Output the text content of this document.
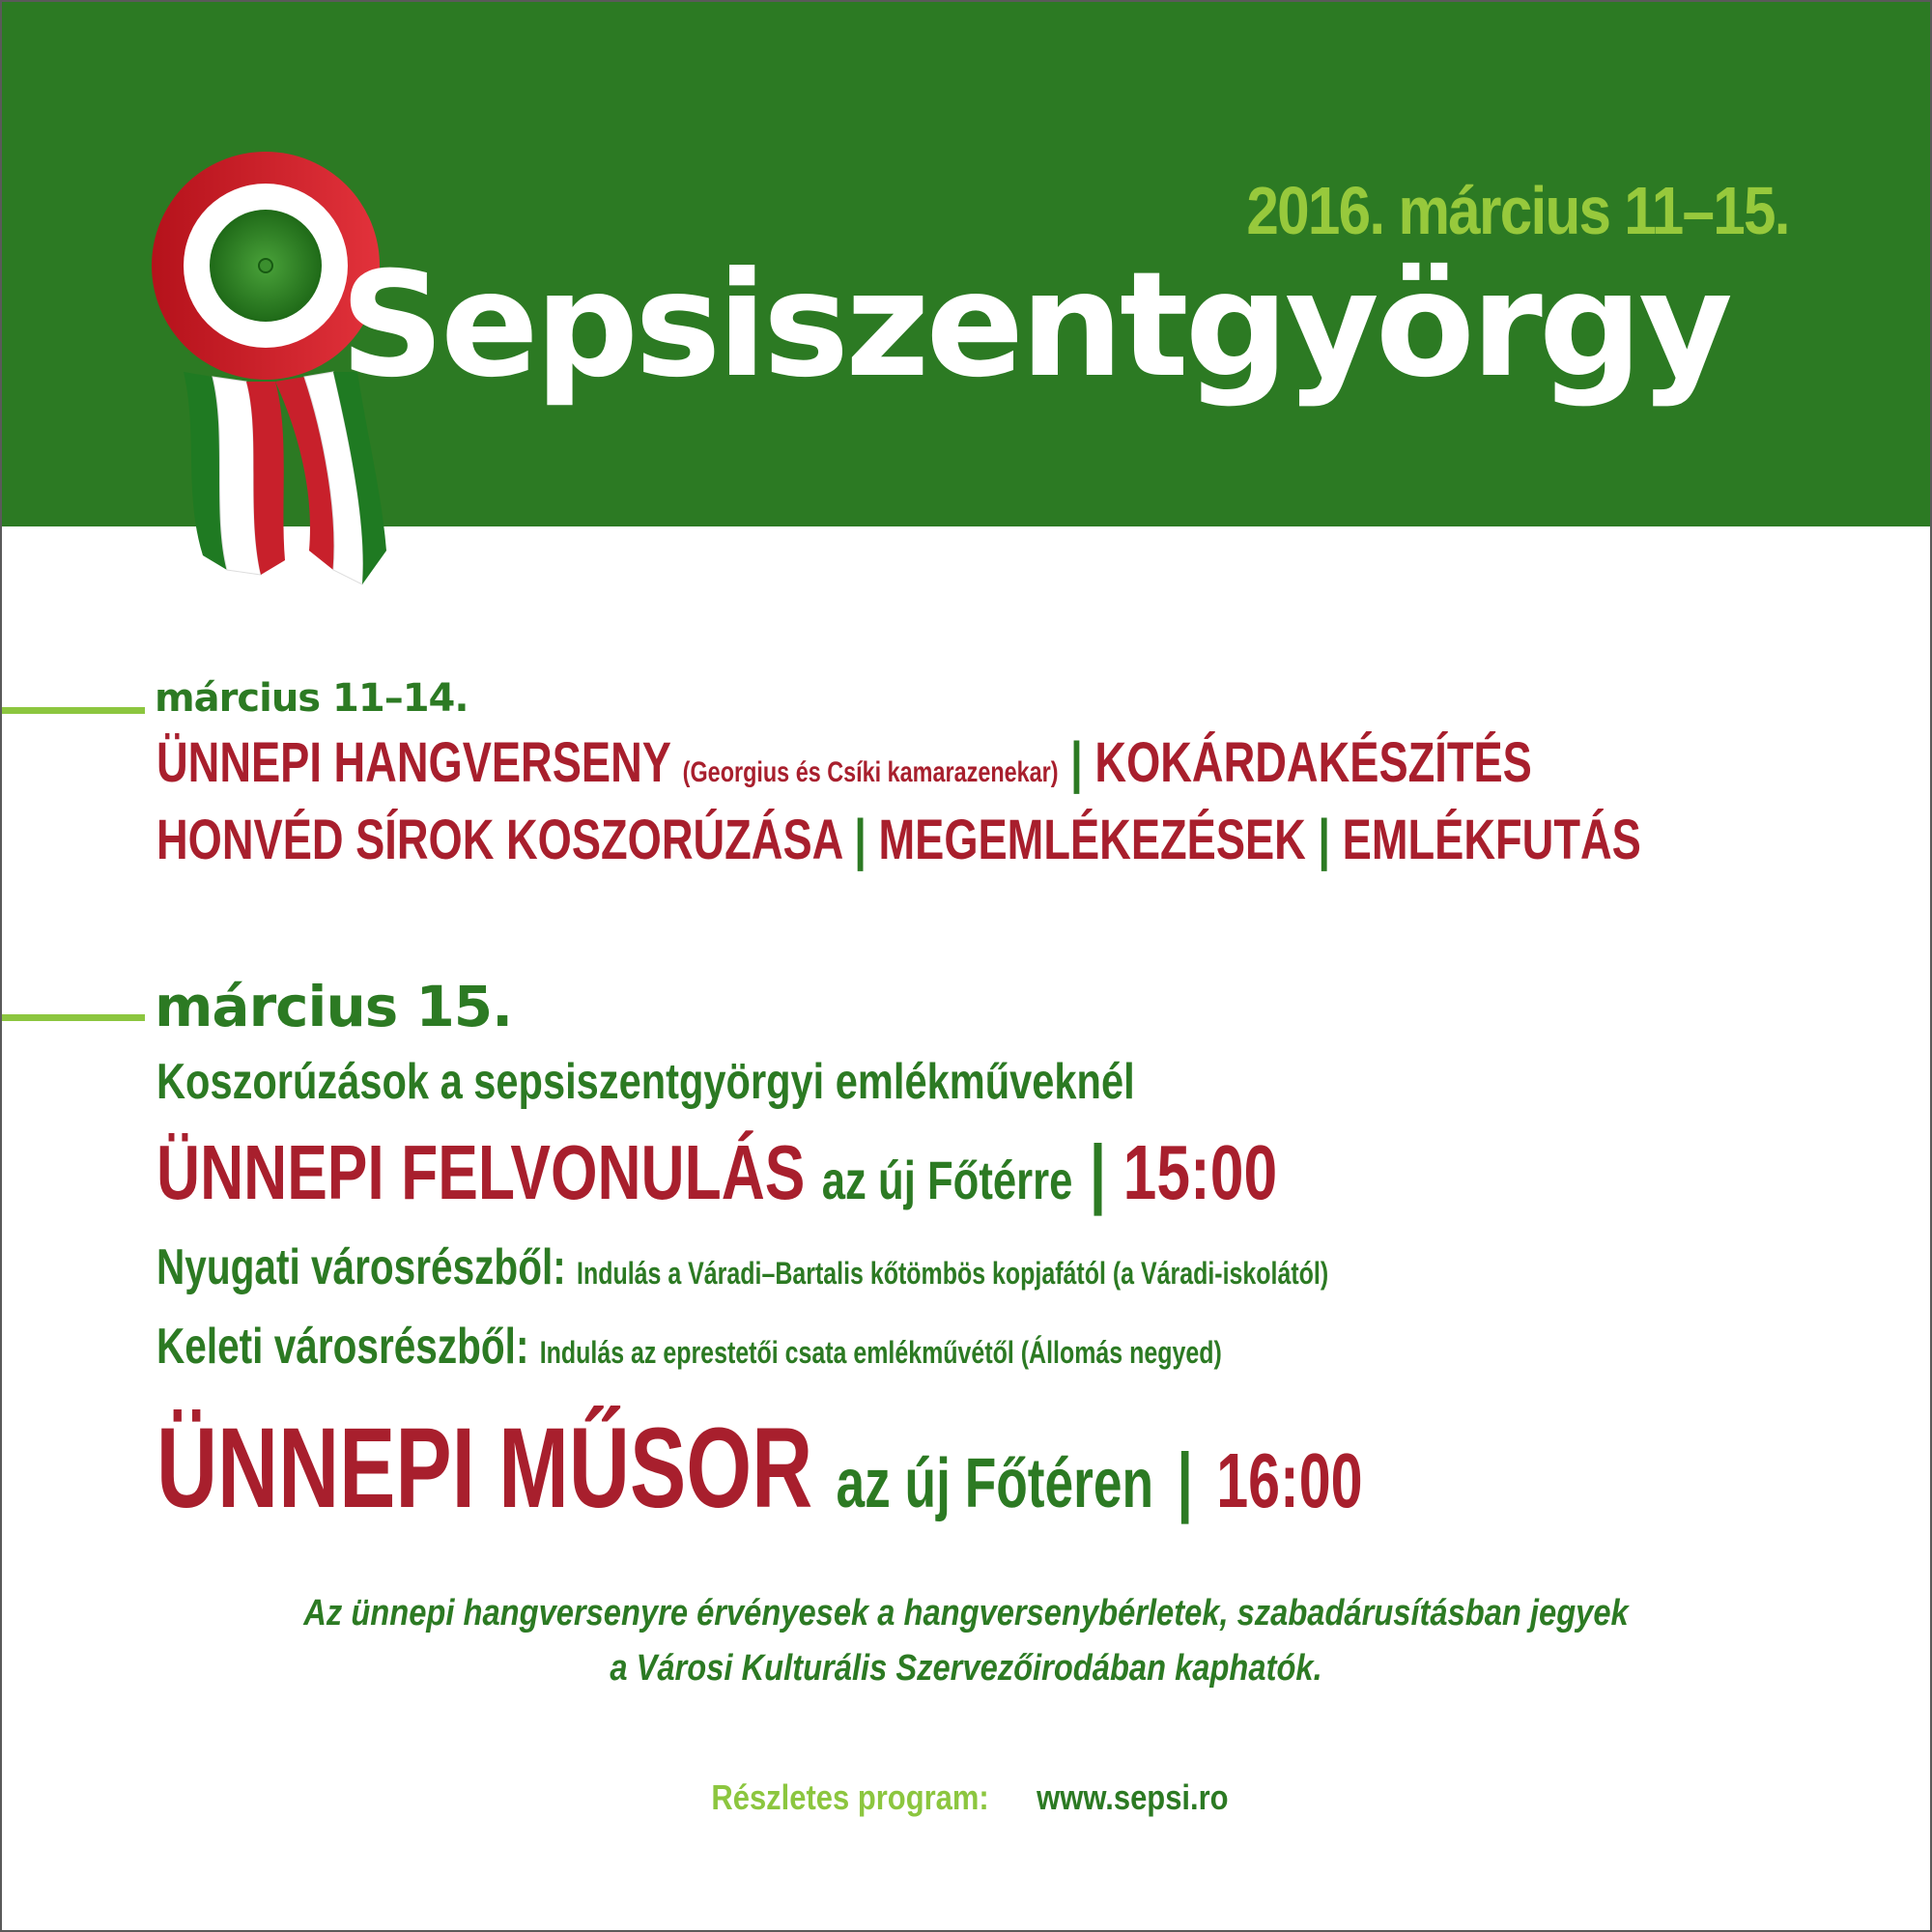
2016. március 11–15.
Sepsiszentgyörgy
március 11–14.
ÜNNEPI HANGVERSENY (Georgius és Csíki kamarazenekar) | KOKÁRDAKÉSZÍTÉS
HONVÉD SÍROK KOSZORÚZÁSA | MEGEMLÉKEZÉSEK | EMLÉKFUTÁS
március 15.
Koszorúzások a sepsiszentgyörgyi emlékműveknél
ÜNNEPI FELVONULÁS az új Főtérre | 15:00
Nyugati városrészből: Indulás a Váradi–Bartalis kőtömbös kopjafától (a Váradi-iskolától)
Keleti városrészből: Indulás az eprestetői csata emlékművétől (Állomás negyed)
ÜNNEPI MŰSOR az új Főtéren | 16:00
Az ünnepi hangversenyre érvényesek a hangversenybérletek, szabadárusításban jegyek
a Városi Kulturális Szervezőirodában kaphatók.
Részletes program: www.sepsi.ro
